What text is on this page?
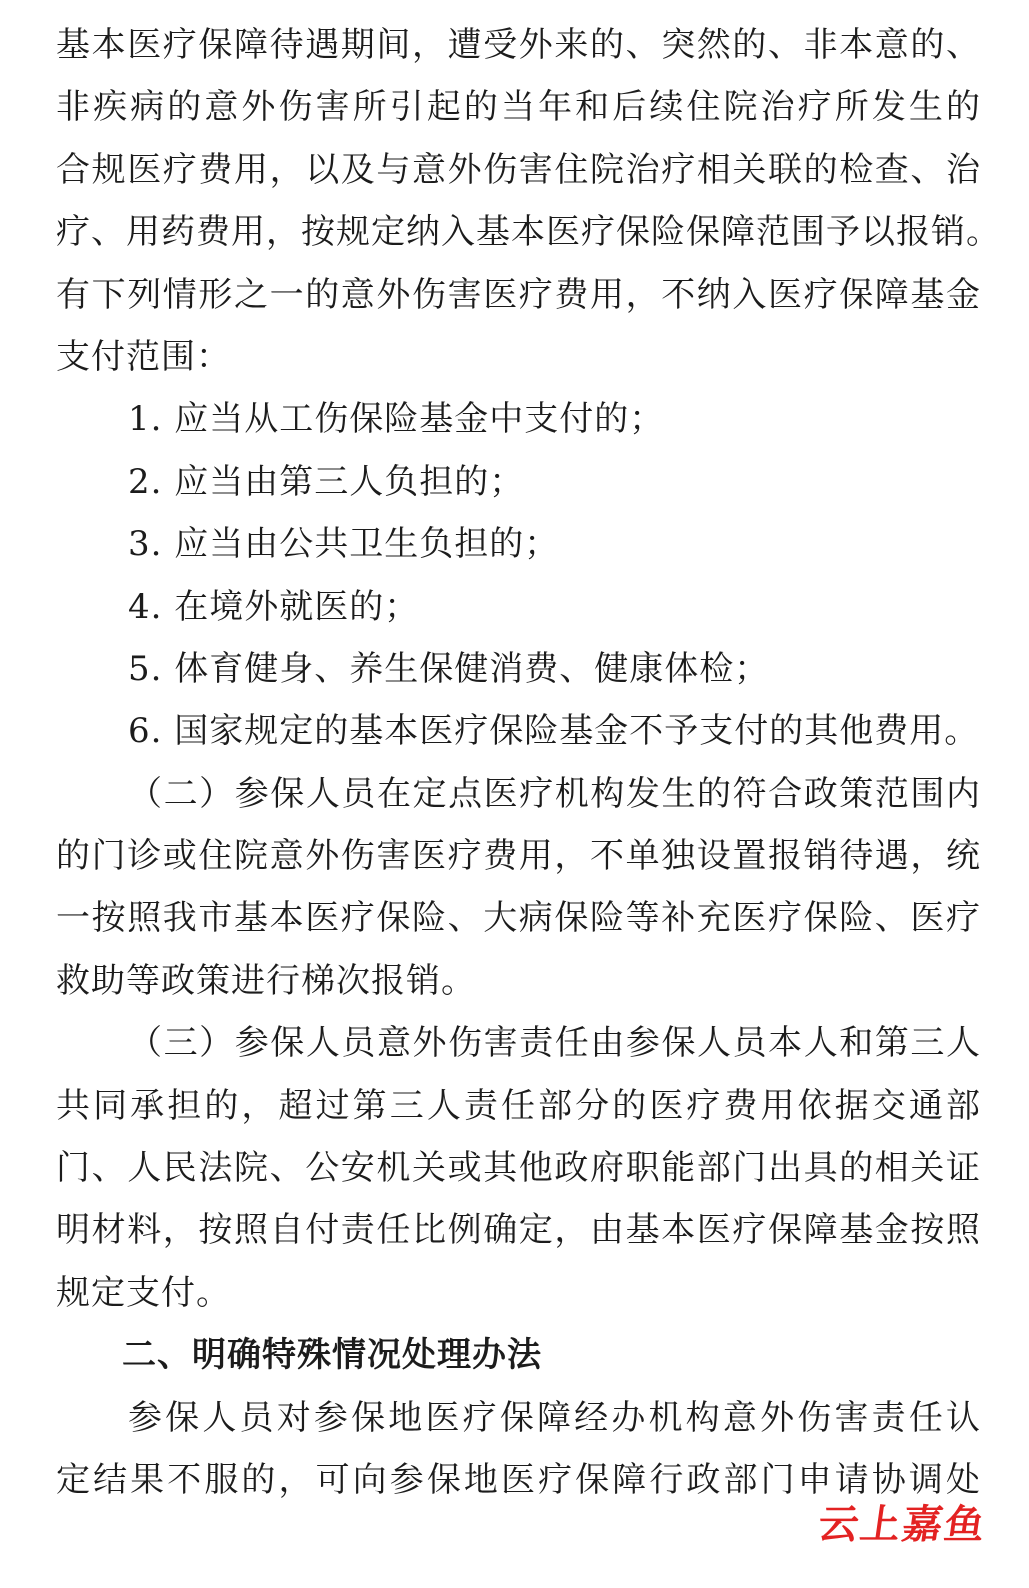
基本医疗保障待遇期间，遭受外来的、突然的、非本意的、
非疾病的意外伤害所引起的当年和后续住院治疗所发生的
合规医疗费用，以及与意外伤害住院治疗相关联的检查、治
疗、用药费用，按规定纳入基本医疗保险保障范围予以报销。
有下列情形之一的意外伤害医疗费用，不纳入医疗保障基金
支付范围：
1. 应当从工伤保险基金中支付的；
2. 应当由第三人负担的；
3. 应当由公共卫生负担的；
4. 在境外就医的；
5. 体育健身、养生保健消费、健康体检；
6. 国家规定的基本医疗保险基金不予支付的其他费用。
（二）参保人员在定点医疗机构发生的符合政策范围内
的门诊或住院意外伤害医疗费用，不单独设置报销待遇，统
一按照我市基本医疗保险、大病保险等补充医疗保险、医疗
救助等政策进行梯次报销。
（三）参保人员意外伤害责任由参保人员本人和第三人
共同承担的，超过第三人责任部分的医疗费用依据交通部
门、人民法院、公安机关或其他政府职能部门出具的相关证
明材料，按照自付责任比例确定，由基本医疗保障基金按照
规定支付。
二、明确特殊情况处理办法
参保人员对参保地医疗保障经办机构意外伤害责任认
定结果不服的，可向参保地医疗保障行政部门申请协调处
云上嘉鱼
